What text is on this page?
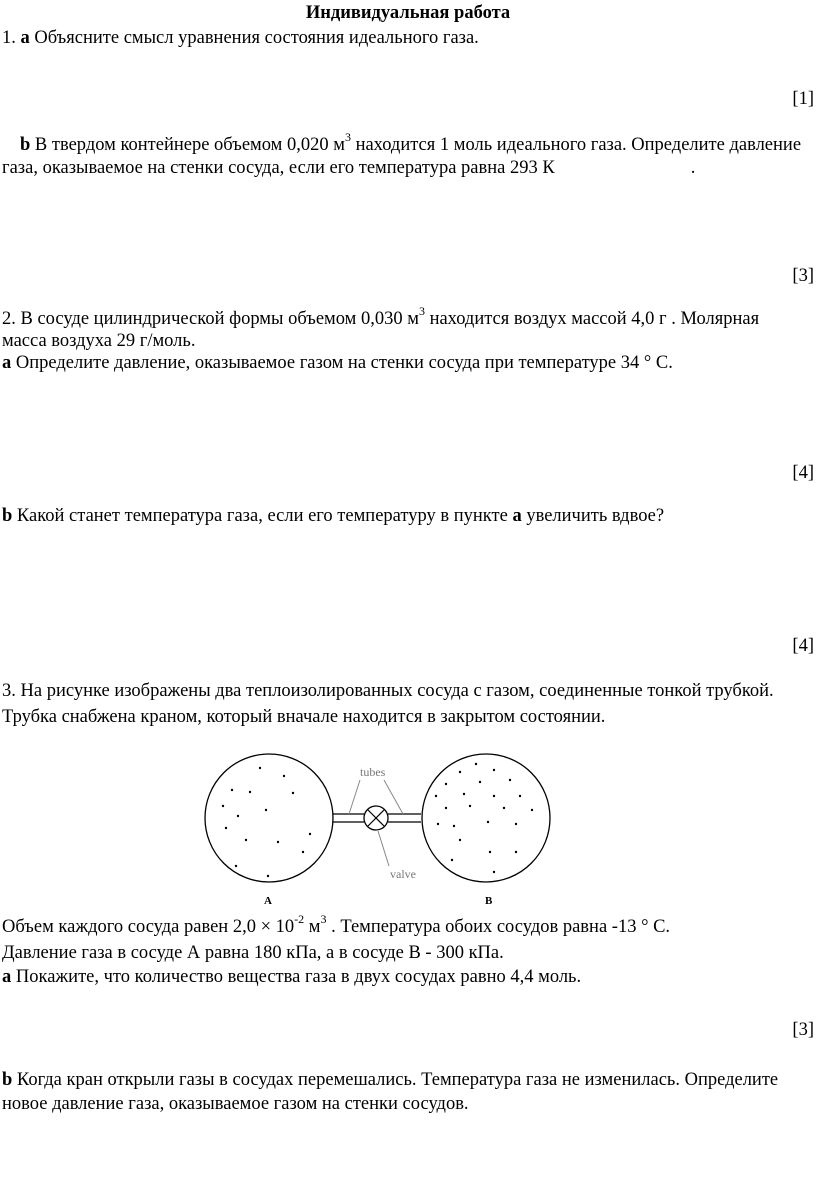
Индивидуальная работа
1. а Объясните смысл уравнения состояния идеального газа.
[1]
b В твердом контейнере объемом 0,020 $м^3$ находится 1 моль идеального газа. Определите давление
газа, оказываемое на стенки сосуда, если его температура равна 293 К	.
[3]
2. В сосуде цилиндрической формы объемом 0,030 $м^3$ находится воздух массой 4,0 г . Молярная
масса воздуха 29 г/моль.
а Определите давление, оказываемое газом на стенки сосуда при температуре 34 ° С.
[4]
b Какой станет температура газа, если его температуру в пункте а увеличить вдвое?
[4]
3. На рисунке изображены два теплоизолированных сосуда с газом, соединенные тонкой трубкой.
Трубка снабжена краном, который вначале находится в закрытом состоянии.
tubes
valve
A	B
Объем каждого сосуда равен $2,0 \times 10^{-2}$ $м^3$ . Температура обоих сосудов равна -13 ° С.
Давление газа в сосуде А равна 180 кПа, а в сосуде В - 300 кПа.
а Покажите, что количество вещества газа в двух сосудах равно 4,4 моль.
[3]
b Когда кран открыли газы в сосудах перемешались. Температура газа не изменилась. Определите
новое давление газа, оказываемое газом на стенки сосудов.
